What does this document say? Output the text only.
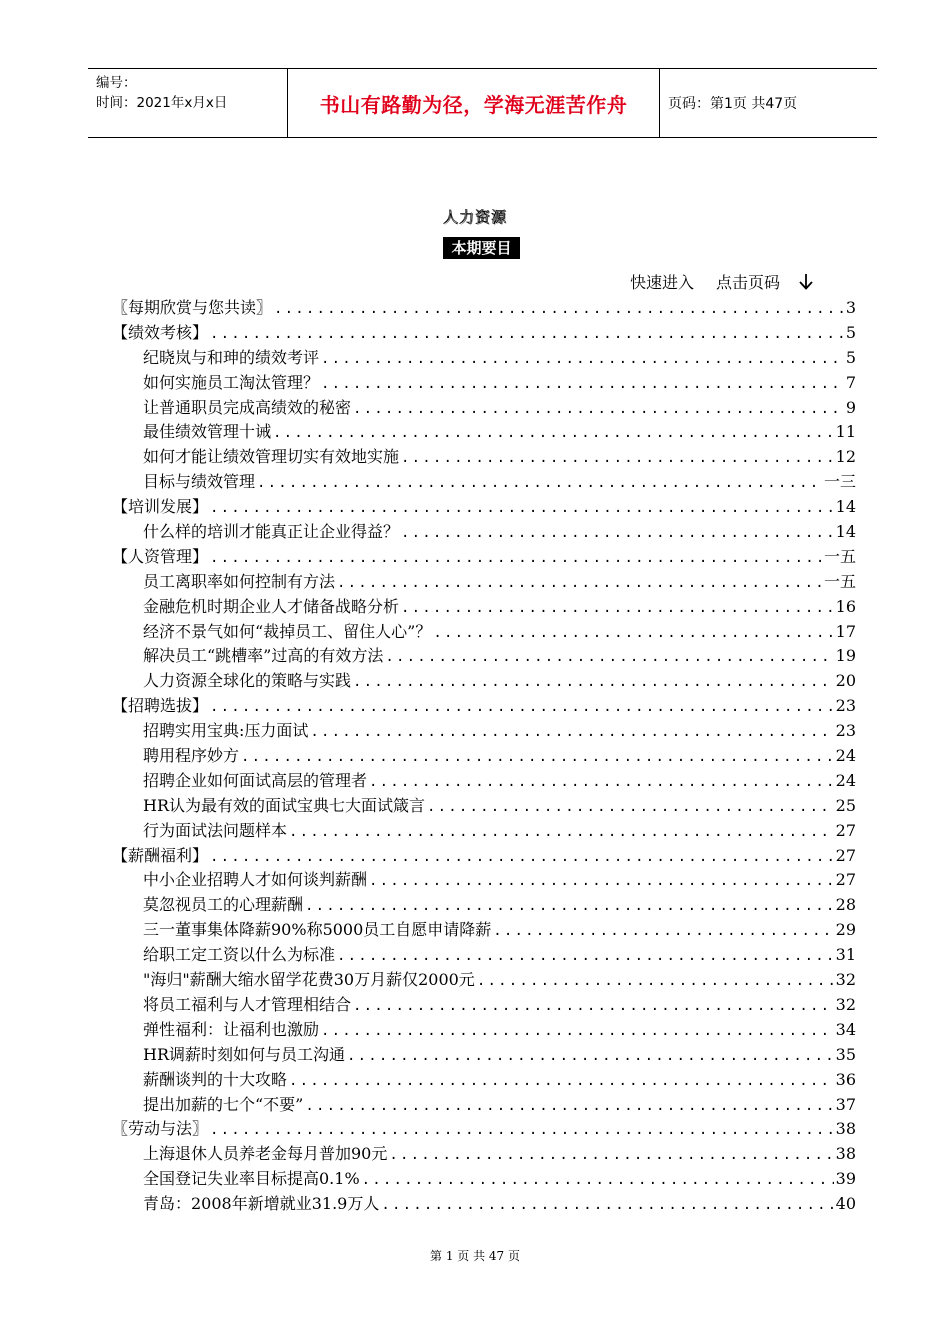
编号：
时间：2021年x月x日	书山有路勤为径，学海无涯苦作舟	页码：第1页 共47页
人力资源
本期要目
快速进入 点击页码
〖每期欣赏与您共读〗 .....	3
【绩效考核】 .....	5
纪晓岚与和珅的绩效考评 .....	5
如何实施员工淘汰管理？ .....	7
让普通职员完成高绩效的秘密 .....	9
最佳绩效管理十诫 .....	11
如何才能让绩效管理切实有效地实施 .....	12
目标与绩效管理 .....	一三
【培训发展】 .....	14
什么样的培训才能真正让企业得益？ .....	14
【人资管理】 .....	一五
员工离职率如何控制有方法 .....	一五
金融危机时期企业人才储备战略分析 .....	16
经济不景气如何“裁掉员工、留住人心”？ .....	17
解决员工“跳槽率”过高的有效方法 .....	19
人力资源全球化的策略与实践 .....	20
【招聘选拔】 .....	23
招聘实用宝典:压力面试 .....	23
聘用程序妙方 .....	24
招聘企业如何面试高层的管理者 .....	24
HR认为最有效的面试宝典七大面试箴言 .....	25
行为面试法问题样本 .....	27
【薪酬福利】 .....	27
中小企业招聘人才如何谈判薪酬 .....	27
莫忽视员工的心理薪酬 .....	28
三一董事集体降薪90%称5000员工自愿申请降薪 .....	29
给职工定工资以什么为标准 .....	31
"海归"薪酬大缩水留学花费30万月薪仅2000元 .....	32
将员工福利与人才管理相结合 .....	32
弹性福利：让福利也激励 .....	34
HR调薪时刻如何与员工沟通 .....	35
薪酬谈判的十大攻略 .....	36
提出加薪的七个“不要” .....	37
〖劳动与法〗 .....	38
上海退休人员养老金每月普加90元 .....	38
全国登记失业率目标提高0.1% .....	39
青岛：2008年新增就业31.9万人 .....	40
第 1 页 共 47 页
